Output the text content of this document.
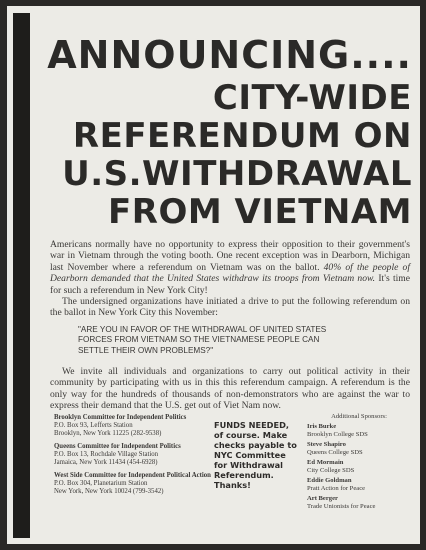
ANNOUNCING....
CITY-WIDE
REFERENDUM ON
U.S.WITHDRAWAL
FROM VIETNAM

Americans normally have no opportunity to express their opposition to their government's war in Vietnam through the voting booth. One recent exception was in Dearborn, Michigan last November where a referendum on Vietnam was on the ballot. 40% of the people of Dearborn demanded that the United States withdraw its troops from Vietnam now. It's time for such a referendum in New York City!

The undersigned organizations have initiated a drive to put the following referendum on the ballot in New York City this November:

"ARE YOU IN FAVOR OF THE WITHDRAWAL OF UNITED STATES FORCES FROM VIETNAM SO THE VIETNAMESE PEOPLE CAN SETTLE THEIR OWN PROBLEMS?"

We invite all individuals and organizations to carry out political activity in their community by participating with us in this this referendum campaign. A referendum is the only way for the hundreds of thousands of non-demonstrators who are against the war to express their demand that the U.S. get out of Viet Nam now.

Brooklyn Committee for Independent Politics
P.O. Box 93, Lefferts Station
Brooklyn, New York 11225 (282-9538)
Queens Committee for Independent Politics
P.O. Box 13, Rochdale Village Station
Jamaica, New York 11434 (454-6928)
West Side Committee for Independent Political Action
P.O. Box 304, Planetarium Station
New York, New York 10024 (799-3542)
FUNDS NEEDED, of course. Make checks payable to NYC Committee for Withdrawal Referendum. Thanks!
Additional Sponsors:
Iris Burke
Brooklyn College SDS
Steve Shapiro
Queens College SDS
Ed Mormain
City College SDS
Eddie Goldman
Pratt Action for Peace
Art Berger
Trade Unionists for Peace
